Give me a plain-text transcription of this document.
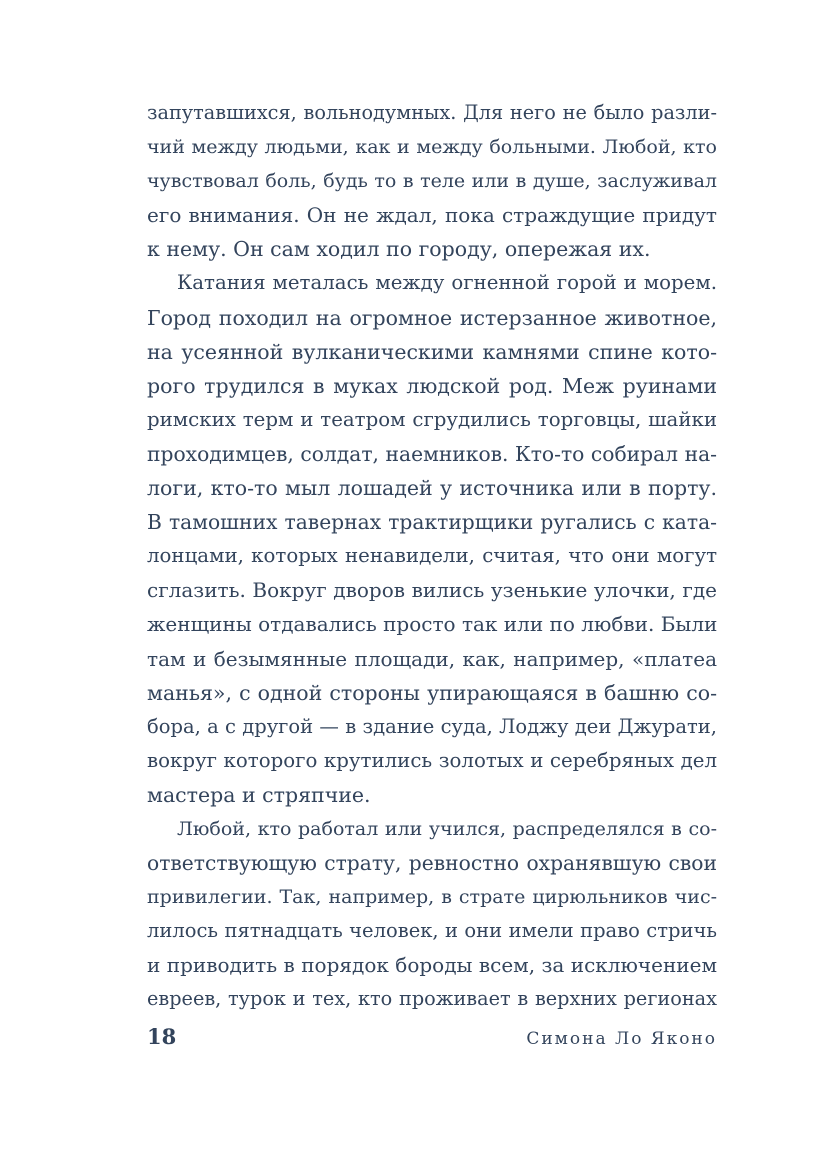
запутавшихся, вольнодумных. Для него не было разли-
чий между людьми, как и между больными. Любой, кто
чувствовал боль, будь то в теле или в душе, заслуживал
его внимания. Он не ждал, пока страждущие придут
к нему. Он сам ходил по городу, опережая их.
Катания металась между огненной горой и морем.
Город походил на огромное истерзанное животное,
на усеянной вулканическими камнями спине кото-
рого трудился в муках людской род. Меж руинами
римских терм и театром сгрудились торговцы, шайки
проходимцев, солдат, наемников. Кто-то собирал на-
логи, кто-то мыл лошадей у источника или в порту.
В тамошних тавернах трактирщики ругались с ката-
лонцами, которых ненавидели, считая, что они могут
сглазить. Вокруг дворов вились узенькие улочки, где
женщины отдавались просто так или по любви. Были
там и безымянные площади, как, например, «платеа
манья», с одной стороны упирающаяся в башню со-
бора, а с другой — в здание суда, Лоджу деи Джурати,
вокруг которого крутились золотых и серебряных дел
мастера и стряпчие.
Любой, кто работал или учился, распределялся в со-
ответствующую страту, ревностно охранявшую свои
привилегии. Так, например, в страте цирюльников чис-
лилось пятнадцать человек, и они имели право стричь
и приводить в порядок бороды всем, за исключением
евреев, турок и тех, кто проживает в верхних регионах
18	Симона Ло Яконо
